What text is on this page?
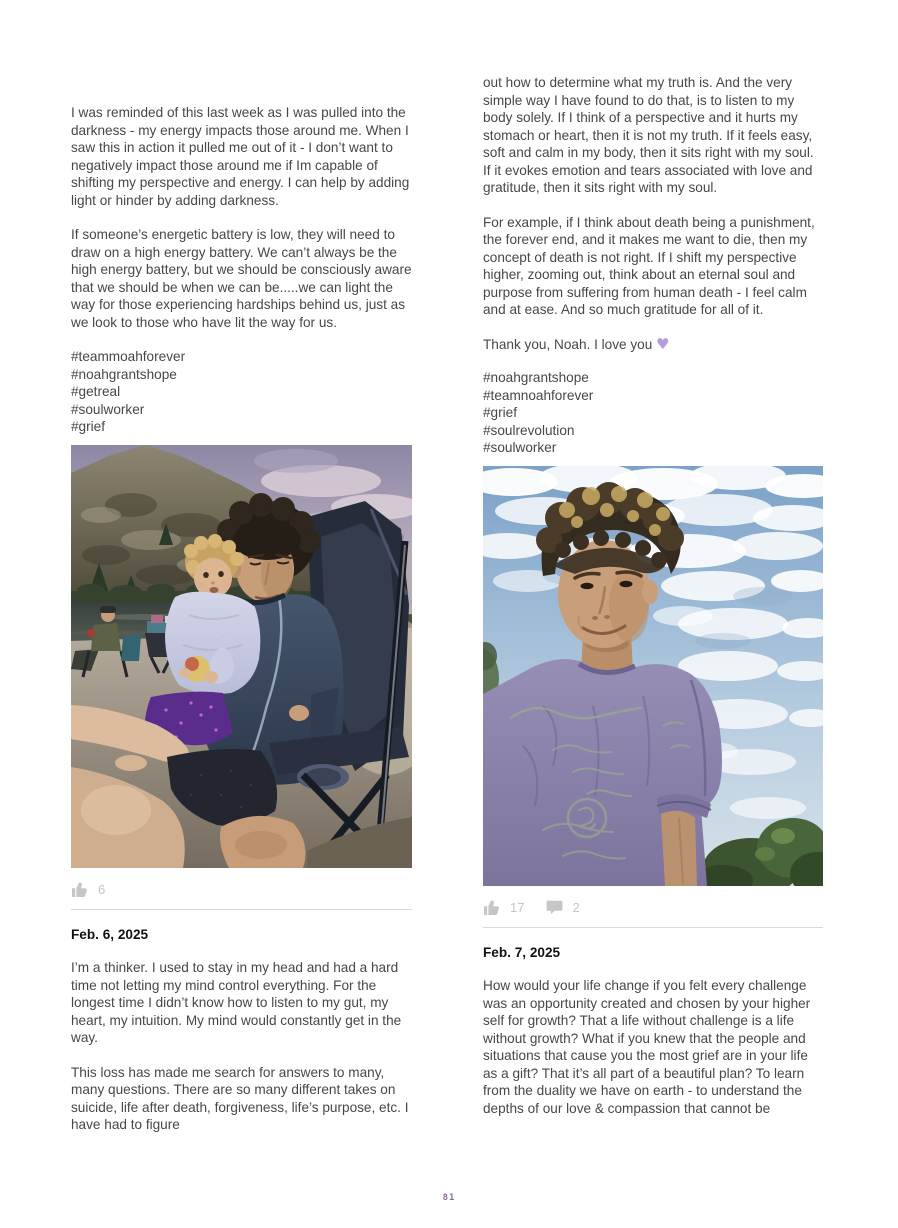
I was reminded of this last week as I was pulled into the darkness - my energy impacts those around me. When I saw this in action it pulled me out of it - I don’t want to negatively impact those around me if Im capable of shifting my perspective and energy. I can help by adding light or hinder by adding darkness.

If someone’s energetic battery is low, they will need to draw on a high energy battery. We can’t always be the high energy battery, but we should be consciously aware that we should be when we can be.....we can light the way for those experiencing hardships behind us, just as we look to those who have lit the way for us.

#teammoahforever
#noahgrantshope
#getreal
#soulworker
#grief
6
Feb. 6, 2025

I’m a thinker. I used to stay in my head and had a hard time not letting my mind control everything. For the longest time I didn’t know how to listen to my gut, my heart, my intuition. My mind would constantly get in the way.

This loss has made me search for answers to many, many questions. There are so many different takes on suicide, life after death, forgiveness, life’s purpose, etc. I have had to figure

out how to determine what my truth is. And the very simple way I have found to do that, is to listen to my body solely. If I think of a perspective and it hurts my stomach or heart, then it is not my truth. If it feels easy, soft and calm in my body, then it sits right with my soul. If it evokes emotion and tears associated with love and gratitude, then it sits right with my soul.

For example, if I think about death being a punishment, the forever end, and it makes me want to die, then my concept of death is not right. If I shift my perspective higher, zooming out, think about an eternal soul and purpose from suffering from human death - I feel calm and at ease. And so much gratitude for all of it.

Thank you, Noah. I love you ♥
#noahgrantshope
#teamnoahforever
#grief
#soulrevolution
#soulworker
17	2
Feb. 7, 2025

How would your life change if you felt every challenge was an opportunity created and chosen by your higher self for growth? That a life without challenge is a life without growth? What if you knew that the people and situations that cause you the most grief are in your life as a gift? That it’s all part of a beautiful plan? To learn from the duality we have on earth - to understand the depths of our love & compassion that cannot be

81
